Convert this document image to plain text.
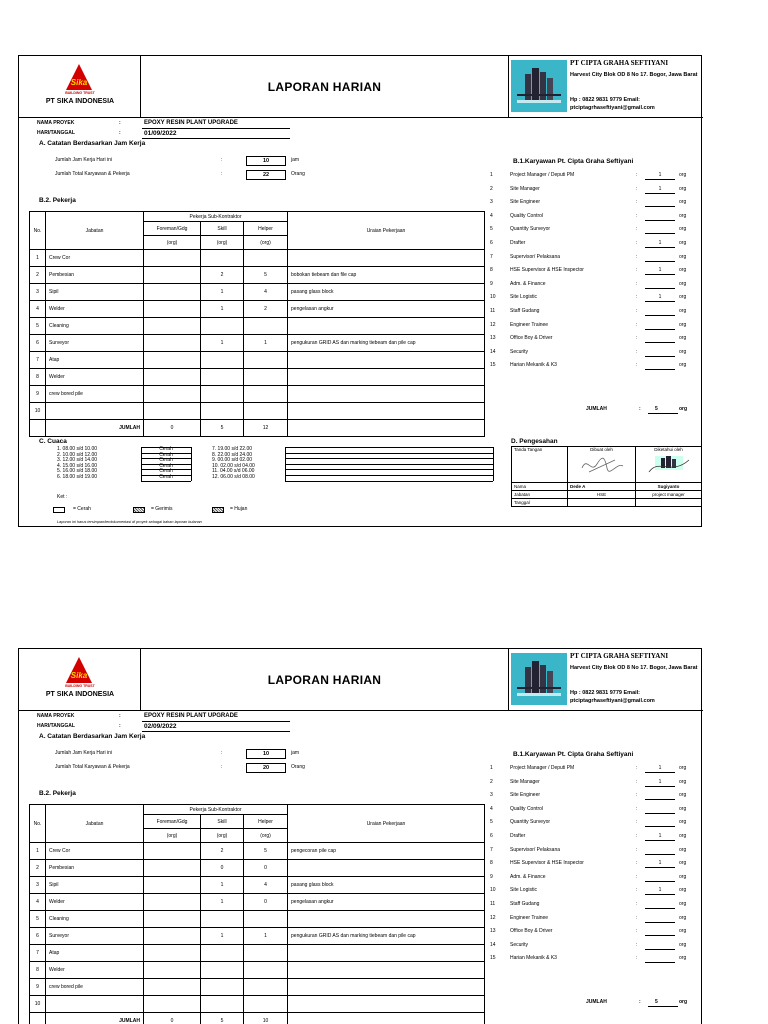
Sika
BUILDING TRUST
PT SIKA INDONESIA
LAPORAN HARIAN
PT CIPTA GRAHA SEFTIYANI
Harvest City Blok OD 8 No 17. Bogor, Jawa Barat
Hp : 0822 9831 9779 Email: ptciptagrhaseftiyani@gmail.com
NAMA PROYEK	:	EPOXY RESIN PLANT UPGRADE
HARI/TANGGAL	:	01/09/2022
A. Catatan Berdasarkan Jam Kerja
Jumlah Jam Kerja Hari ini	:	10	jam
Jumlah Total Karyawan & Pekerja	:	22	Orang
B.2. Pekerja
No.	Jabatan	Pekerja Sub-Kontraktor			Uraian Pekerjaan
		Foreman/Gdg	Skill	Helper	
		(org)	(org)	(org)	
1	Crew Cor				
2	Pembesian		2	5	bobokan tiebeam dan file cap
3	Sipil		1	4	pasang glass block
4	Welder		1	2	pengelasan angkur
5	Cleaning				
6	Surveyor		1	1	pengukuran GRID AS dan marking tiebeam dan pile cap
7	Atap				
8	Welder				
9	crew bored pile				
10					
	JUMLAH	0	5	12	
B.1.Karyawan Pt. Cipta Graha Seftiyani
1	Project Manager / Deputi PM	:	1	org
2	Site Manager	:	1	org
3	Site Engineer	:	org
4	Quality Control	:	org
5	Quantity Surveyor	:	org
6	Drafter	:	1	org
7	Supervisor/ Pelaksana	:	org
8	HSE Supervisor & HSE Inspector	:	1	org
9	Adm. & Finance	:	org
10	Site Logistic	:	1	org
11	Staff Gudang	:	org
12	Engineer Trainee	:	org
13	Office Boy & Driver	:	org
14	Security	:	org
15	Harian Mekanik & K3	:	org
JUMLAH	:	5	org
C. Cuaca
1. 08.00 s/d 10.00	Cerah	7. 19.00 s/d 22.00
2. 10.00 s/d 12.00	Cerah	8. 22.00 s/d 24.00
3. 12.00 s/d 14.00	Cerah	9. 00.00 s/d 02.00
4. 15.00 s/d 16.00	Cerah	10. 02.00 s/d 04.00
5. 16.00 s/d 18.00	Cerah	11. 04.00 s/d 06.00
6. 18.00 s/d 19.00	Cerah	12. 06.00 s/d 08.00
Ket :
= Cerah	= Gerimis	= Hujan
Laporan ini harus tersimpan/terdokumentasi di proyek sebagai bahan laporan bulanan
D. Pengesahan
Tanda Tangan	Dibuat oleh	Diketahui oleh

Nama	Dede A	Sugiyanto
Jabatan	HSE	project manager
Tanggal		
Sika
BUILDING TRUST
PT SIKA INDONESIA
LAPORAN HARIAN
PT CIPTA GRAHA SEFTIYANI
Harvest City Blok OD 8 No 17. Bogor, Jawa Barat
Hp : 0822 9831 9779 Email: ptciptagrhaseftiyani@gmail.com
NAMA PROYEK	:	EPOXY RESIN PLANT UPGRADE
HARI/TANGGAL	:	02/09/2022
A. Catatan Berdasarkan Jam Kerja
Jumlah Jam Kerja Hari ini	:	10	jam
Jumlah Total Karyawan & Pekerja	:	20	Orang
B.2. Pekerja
No.	Jabatan	Pekerja Sub-Kontraktor			Uraian Pekerjaan
		Foreman/Gdg	Skill	Helper	
		(org)	(org)	(org)	
1	Crew Cor		2	5	pengecoran pile cap
2	Pembesian		0	0	
3	Sipil		1	4	pasang glass block
4	Welder		1	0	pengelasan angkur
5	Cleaning				
6	Surveyor		1	1	pengukuran GRID AS dan marking tiebeam dan pile cap
7	Atap				
8	Welder				
9	crew bored pile				
10					
	JUMLAH	0	5	10	
B.1.Karyawan Pt. Cipta Graha Seftiyani
1	Project Manager / Deputi PM	:	1	org
2	Site Manager	:	1	org
3	Site Engineer	:	org
4	Quality Control	:	org
5	Quantity Surveyor	:	org
6	Drafter	:	1	org
7	Supervisor/ Pelaksana	:	org
8	HSE Supervisor & HSE Inspector	:	1	org
9	Adm. & Finance	:	org
10	Site Logistic	:	1	org
11	Staff Gudang	:	org
12	Engineer Trainee	:	org
13	Office Boy & Driver	:	org
14	Security	:	org
15	Harian Mekanik & K3	:	org
JUMLAH	:	5	org
